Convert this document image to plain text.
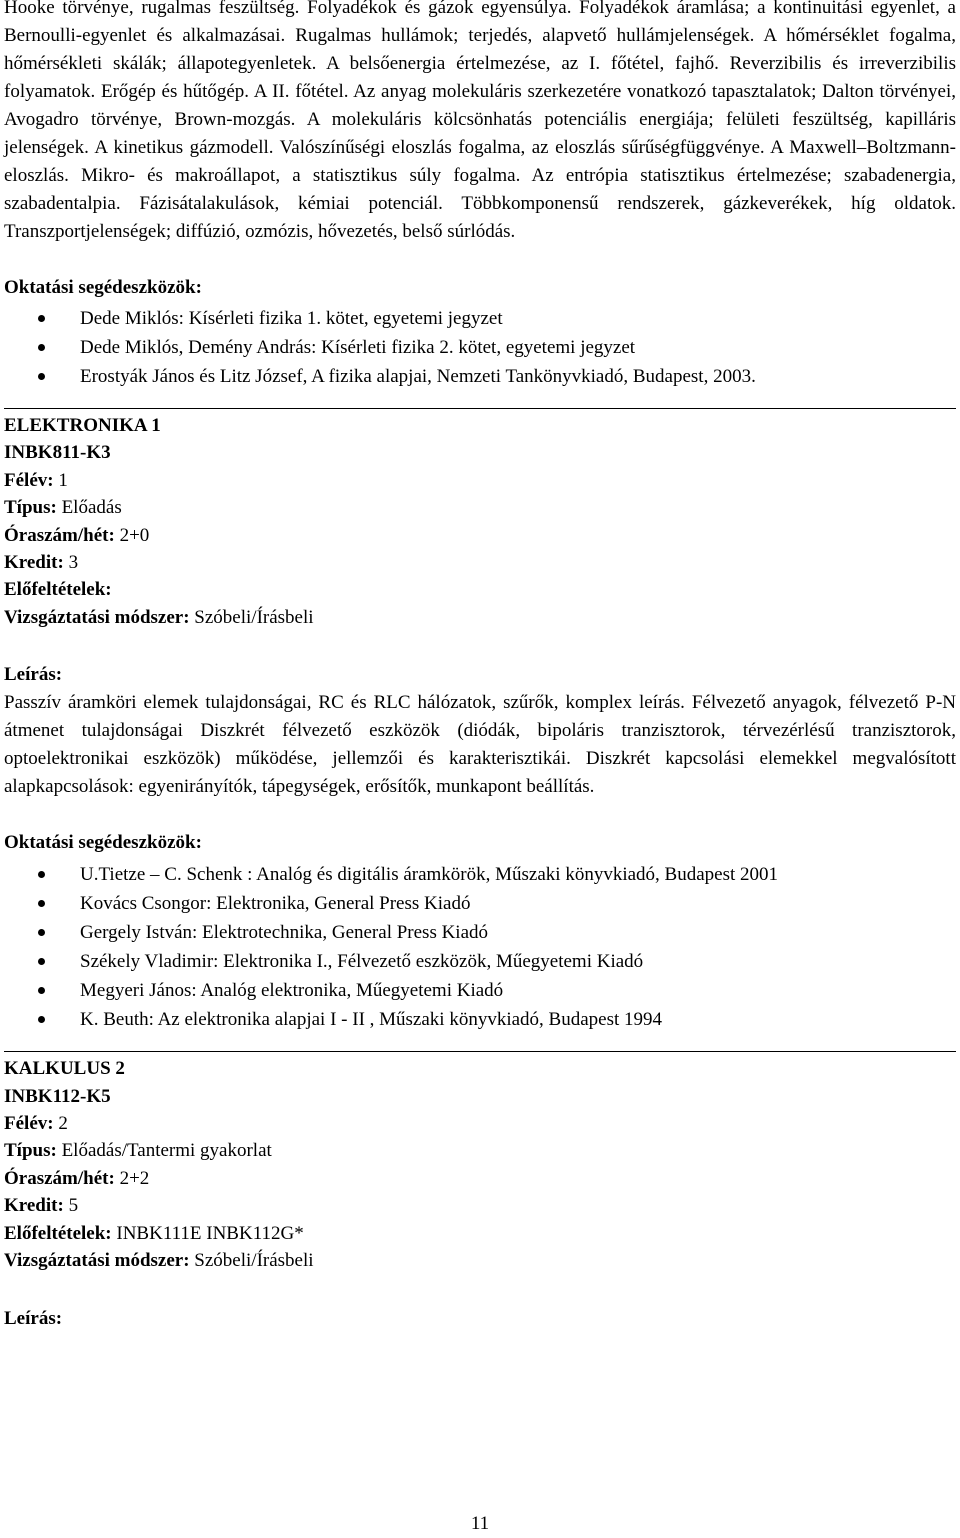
Hooke törvénye, rugalmas feszültség. Folyadékok és gázok egyensúlya. Folyadékok áramlása; a kontinuitási egyenlet, a Bernoulli-egyenlet és alkalmazásai. Rugalmas hullámok; terjedés, alapvető hullámjelenségek. A hőmérséklet fogalma, hőmérsékleti skálák; állapotegyenletek. A belsőenergia értelmezése, az I. főtétel, fajhő. Reverzibilis és irreverzibilis folyamatok. Erőgép és hűtőgép. A II. főtétel. Az anyag molekuláris szerkezetére vonatkozó tapasztalatok; Dalton törvényei, Avogadro törvénye, Brown-mozgás. A molekuláris kölcsönhatás potenciális energiája; felületi feszültség, kapilláris jelenségek. A kinetikus gázmodell. Valószínűségi eloszlás fogalma, az eloszlás sűrűségfüggvénye. A Maxwell–Boltzmann-eloszlás. Mikro- és makroállapot, a statisztikus súly fogalma. Az entrópia statisztikus értelmezése; szabadenergia, szabadentalpia. Fázisátalakulások, kémiai potenciál. Többkomponensű rendszerek, gázkeverékek, híg oldatok. Transzportjelenségek; diffúzió, ozmózis, hővezetés, belső súrlódás.

Oktatási segédeszközök:

Dede Miklós: Kísérleti fizika 1. kötet, egyetemi jegyzet
Dede Miklós, Demény András: Kísérleti fizika 2. kötet, egyetemi jegyzet
Erostyák János és Litz József, A fizika alapjai, Nemzeti Tankönyvkiadó, Budapest, 2003.
ELEKTRONIKA 1
INBK811-K3
Félév: 1
Típus: Előadás
Óraszám/hét: 2+0
Kredit: 3
Előfeltételek:
Vizsgáztatási módszer: Szóbeli/Írásbeli

Leírás:

Passzív áramköri elemek tulajdonságai, RC és RLC hálózatok, szűrők, komplex leírás. Félvezető anyagok, félvezető P-N átmenet tulajdonságai Diszkrét félvezető eszközök (diódák, bipoláris tranzisztorok, térvezérlésű tranzisztorok, optoelektronikai eszközök) működése, jellemzői és karakterisztikái. Diszkrét kapcsolási elemekkel megvalósított alapkapcsolások: egyenirányítók, tápegységek, erősítők, munkapont beállítás.

Oktatási segédeszközök:

U.Tietze – C. Schenk : Analóg és digitális áramkörök, Műszaki könyvkiadó, Budapest 2001
Kovács Csongor: Elektronika, General Press Kiadó
Gergely István: Elektrotechnika, General Press Kiadó
Székely Vladimir: Elektronika I., Félvezető eszközök, Műegyetemi Kiadó
Megyeri János: Analóg elektronika, Műegyetemi Kiadó
K. Beuth: Az elektronika alapjai I - II , Műszaki könyvkiadó, Budapest 1994
KALKULUS 2
INBK112-K5
Félév: 2
Típus: Előadás/Tantermi gyakorlat
Óraszám/hét: 2+2
Kredit: 5
Előfeltételek: INBK111E INBK112G*
Vizsgáztatási módszer: Szóbeli/Írásbeli

Leírás:

11
